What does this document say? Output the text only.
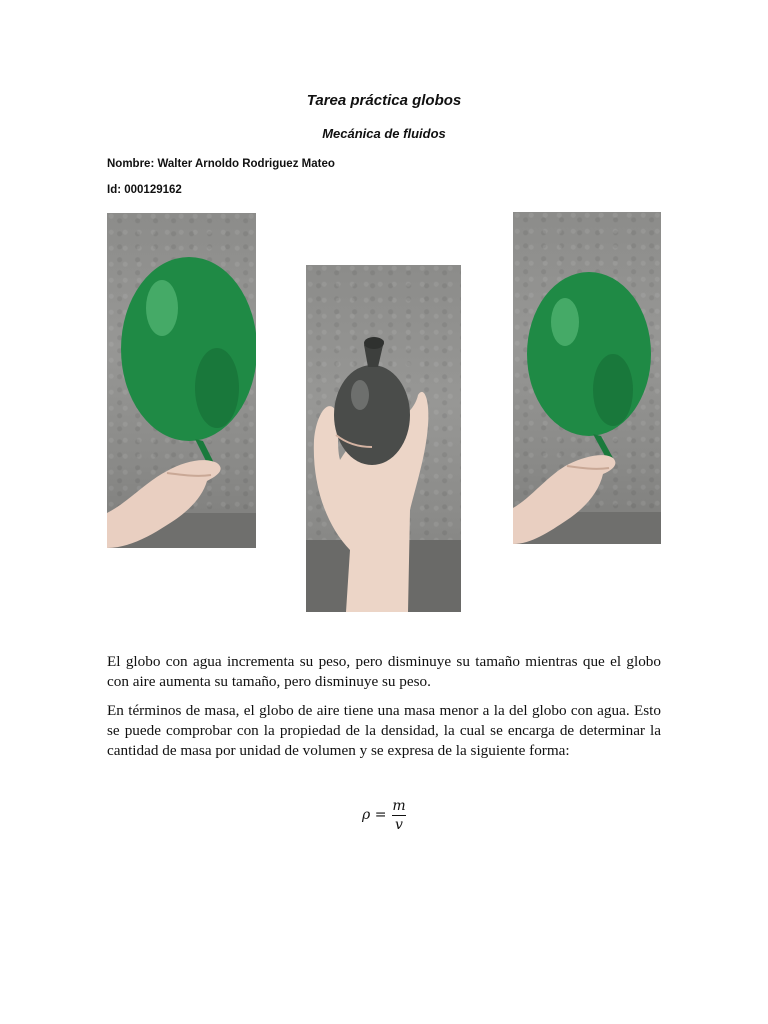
Tarea práctica globos
Mecánica de fluidos
Nombre: Walter Arnoldo Rodriguez Mateo
Id: 000129162

El globo con agua incrementa su peso, pero disminuye su tamaño mientras que el globo con aire aumenta su tamaño, pero disminuye su peso.

En términos de masa, el globo de aire tiene una masa menor a la del globo con agua. Esto se puede comprobar con la propiedad de la densidad, la cual se encarga de determinar la cantidad de masa por unidad de volumen y se expresa de la siguiente forma:

ρ =
m
v
